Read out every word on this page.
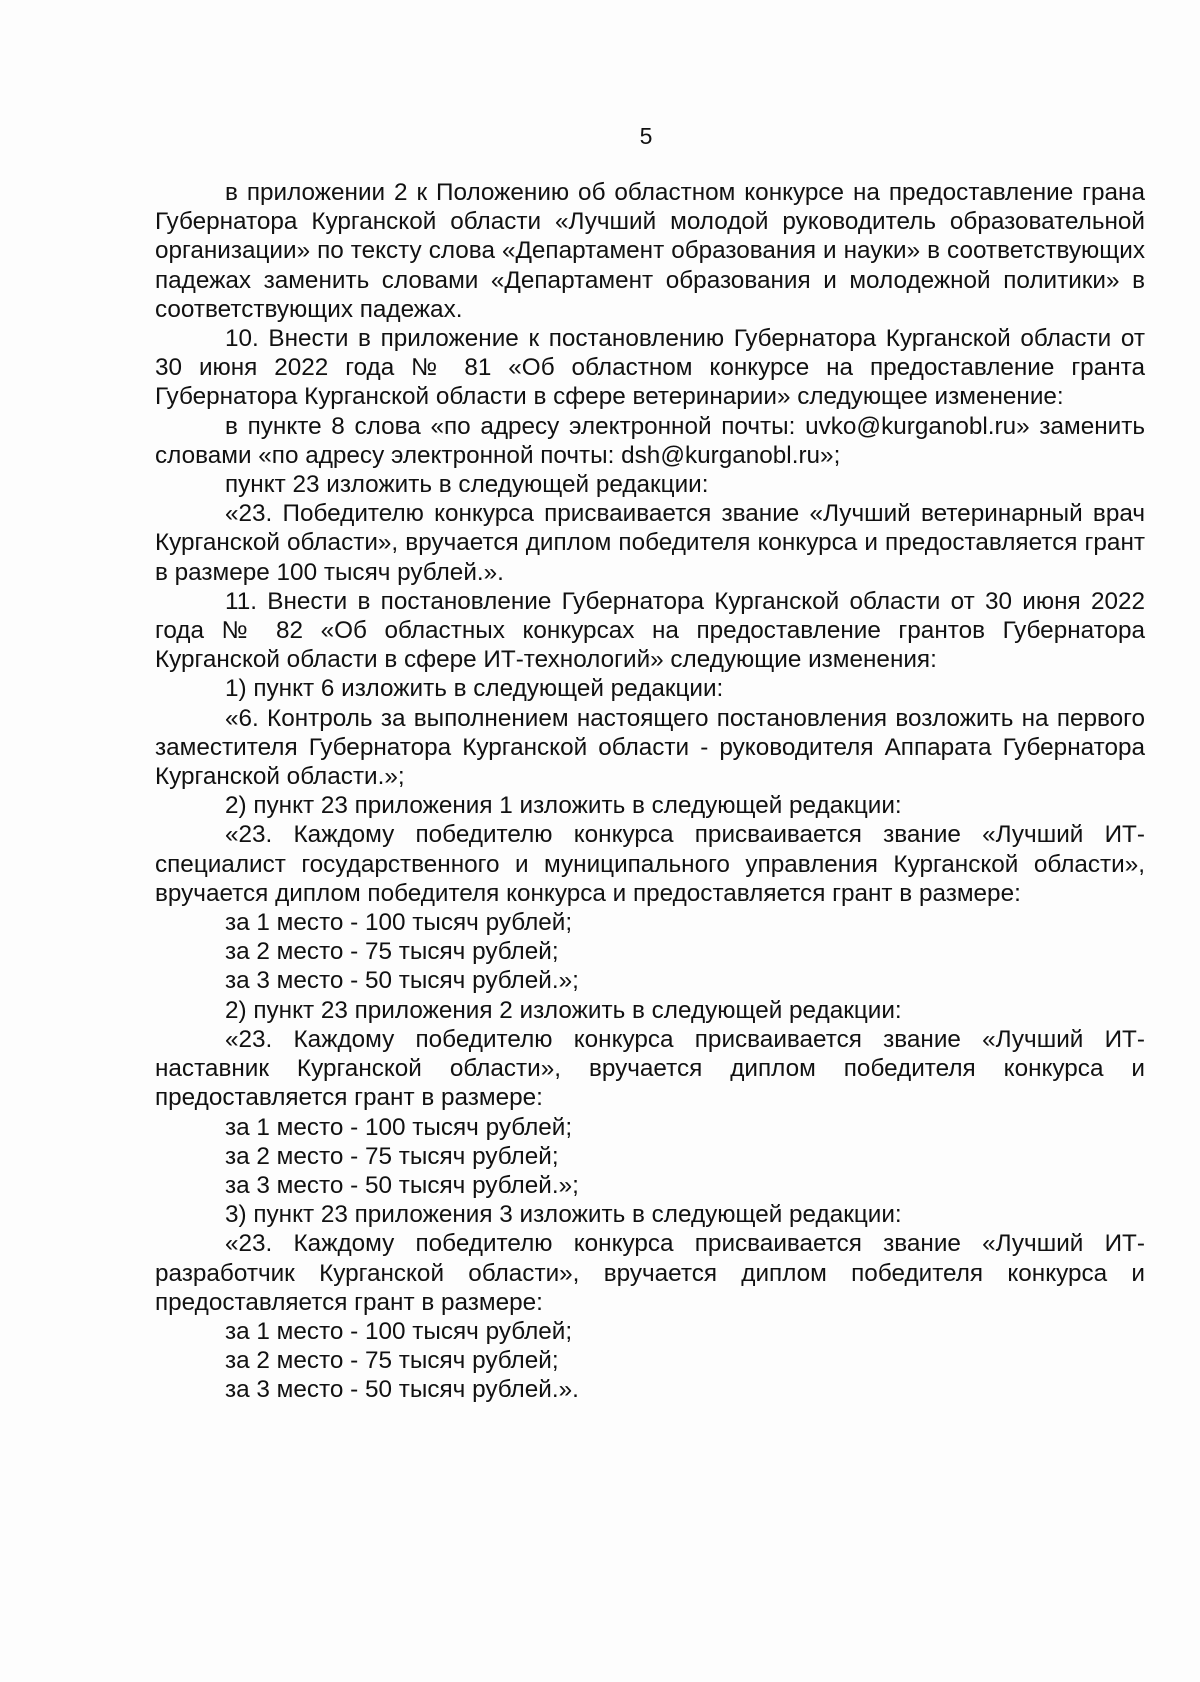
5

в приложении 2 к Положению об областном конкурсе на предоставление грана Губернатора Курганской области «Лучший молодой руководитель образовательной организации» по тексту слова «Департамент образования и науки» в соответствующих падежах заменить словами «Департамент образования и молодежной политики» в соответствующих падежах.

10. Внести в приложение к постановлению Губернатора Курганской области от 30 июня 2022 года № 81 «Об областном конкурсе на предоставление гранта Губернатора Курганской области в сфере ветеринарии» следующее изменение:

в пункте 8 слова «по адресу электронной почты: uvko@kurganobl.ru» заменить словами «по адресу электронной почты: dsh@kurganobl.ru»;

пункт 23 изложить в следующей редакции:

«23. Победителю конкурса присваивается звание «Лучший ветеринарный врач Курганской области», вручается диплом победителя конкурса и предоставляется грант в размере 100 тысяч рублей.».

11. Внести в постановление Губернатора Курганской области от 30 июня 2022 года № 82 «Об областных конкурсах на предоставление грантов Губернатора Курганской области в сфере ИТ-технологий» следующие изменения:

1) пункт 6 изложить в следующей редакции:

«6. Контроль за выполнением настоящего постановления возложить на первого заместителя Губернатора Курганской области - руководителя Аппарата Губернатора Курганской области.»;

2) пункт 23 приложения 1 изложить в следующей редакции:

«23. Каждому победителю конкурса присваивается звание «Лучший ИТ-специалист государственного и муниципального управления Курганской области», вручается диплом победителя конкурса и предоставляется грант в размере:

за 1 место - 100 тысяч рублей;

за 2 место - 75 тысяч рублей;

за 3 место - 50 тысяч рублей.»;

2) пункт 23 приложения 2 изложить в следующей редакции:

«23. Каждому победителю конкурса присваивается звание «Лучший ИТ-наставник Курганской области», вручается диплом победителя конкурса и предоставляется грант в размере:

за 1 место - 100 тысяч рублей;

за 2 место - 75 тысяч рублей;

за 3 место - 50 тысяч рублей.»;

3) пункт 23 приложения 3 изложить в следующей редакции:

«23. Каждому победителю конкурса присваивается звание «Лучший ИТ-разработчик Курганской области», вручается диплом победителя конкурса и предоставляется грант в размере:

за 1 место - 100 тысяч рублей;

за 2 место - 75 тысяч рублей;

за 3 место - 50 тысяч рублей.».
